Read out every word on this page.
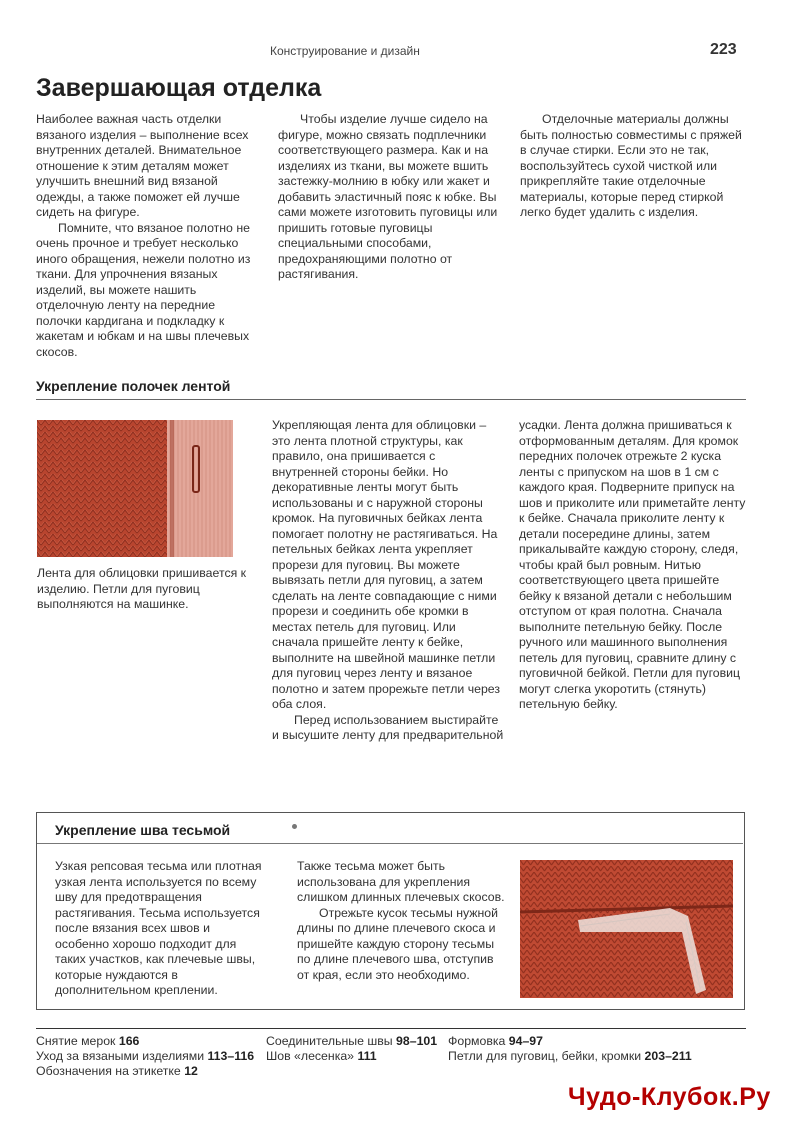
Конструирование и дизайн	223
Завершающая отделка

Наиболее важная часть отделки вязаного изделия – выполнение всех внутренних деталей. Внимательное отношение к этим деталям может улучшить внешний вид вязаной одежды, а также поможет ей лучше сидеть на фигуре.

Помните, что вязаное полотно не очень прочное и требует несколько иного обращения, нежели полотно из ткани. Для упрочнения вязаных изделий, вы можете нашить отделочную ленту на передние полочки кардигана и подкладку к жакетам и юбкам и на швы плечевых скосов.

Чтобы изделие лучше сидело на фигуре, можно связать подплечники соответствующего размера. Как и на изделиях из ткани, вы можете вшить застежку-молнию в юбку или жакет и добавить эластичный пояс к юбке. Вы сами можете изготовить пуговицы или пришить готовые пуговицы специальными способами, предохраняющими полотно от растягивания.

Отделочные материалы должны быть полностью совместимы с пряжей в случае стирки. Если это не так, воспользуйтесь сухой чисткой или прикрепляйте такие отделочные материалы, которые перед стиркой легко будет удалить с изделия.

Укрепление полочек лентой
Лента для облицовки пришивается к изделию. Петли для пуговиц выполняются на машинке.

Укрепляющая лента для облицовки – это лента плотной структуры, как правило, она пришивается с внутренней стороны бейки. Но декоративные ленты могут быть использованы и с наружной стороны кромок. На пуговичных бейках лента помогает полотну не растягиваться. На петельных бейках лента укрепляет прорези для пуговиц. Вы можете вывязать петли для пуговиц, а затем сделать на ленте совпадающие с ними прорези и соединить обе кромки в местах петель для пуговиц. Или сначала пришейте ленту к бейке, выполните на швейной машинке петли для пуговиц через ленту и вязаное полотно и затем прорежьте петли через оба слоя.

Перед использованием выстирайте и высушите ленту для предварительной

усадки. Лента должна пришиваться к отформованным деталям. Для кромок передних полочек отрежьте 2 куска ленты с припуском на шов в 1 см с каждого края. Подверните припуск на шов и приколите или приметайте ленту к бейке. Сначала приколите ленту к детали посередине длины, затем прикалывайте каждую сторону, следя, чтобы край был ровным. Нитью соответствующего цвета пришейте бейку к вязаной детали с небольшим отступом от края полотна. Сначала выполните петельную бейку. После ручного или машинного выполнения петель для пуговиц, сравните длину с пуговичной бейкой. Петли для пуговиц могут слегка укоротить (стянуть) петельную бейку.

Укрепление шва тесьмой

Узкая репсовая тесьма или плотная узкая лента используется по всему шву для предотвращения растягивания. Тесьма используется после вязания всех швов и особенно хорошо подходит для таких участков, как плечевые швы, которые нуждаются в дополнительном креплении.

Также тесьма может быть использована для укрепления слишком длинных плечевых скосов.

Отрежьте кусок тесьмы нужной длины по длине плечевого скоса и пришейте каждую сторону тесьмы по длине плечевого шва, отступив от края, если это необходимо.

Снятие мерок 166
Уход за вязаными изделиями 113–116
Обозначения на этикетке 12
Соединительные швы 98–101
Шов «лесенка» 111
Формовка 94–97
Петли для пуговиц, бейки, кромки 203–211
Чудо-Клубок.Ру
